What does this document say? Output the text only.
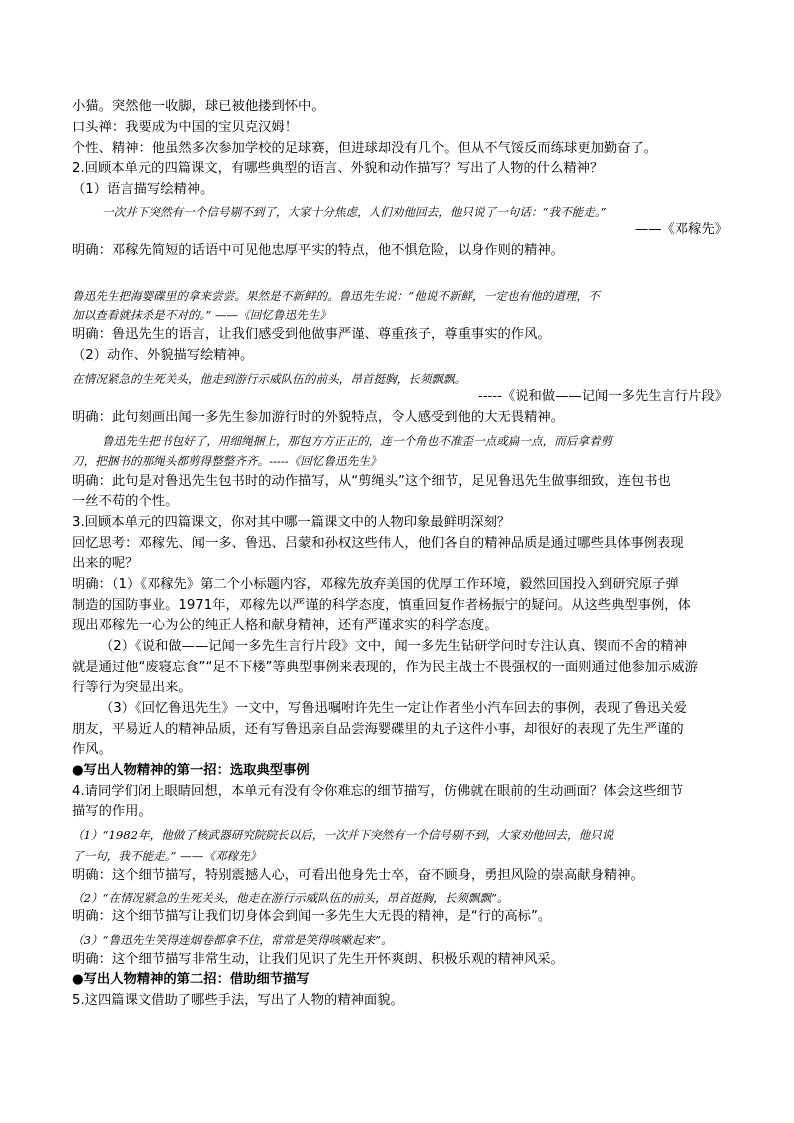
小猫。突然他一收脚，球已被他搂到怀中。
口头禅：我要成为中国的宝贝克汉姆！
个性、精神：他虽然多次参加学校的足球赛，但进球却没有几个。但从不气馁反而练球更加勤奋了。
2.回顾本单元的四篇课文，有哪些典型的语言、外貌和动作描写？写出了人物的什么精神？
（1）语言描写绘精神。
一次并下突然有一个信号剔不到了，大家十分焦虑，人们劝他回去，他只说了一句话：“我不能走。”
——《邓稼先》
明确：邓稼先简短的话语中可见他忠厚平实的特点，他不惧危险，以身作则的精神。
鲁迅先生把海婴碟里的拿来尝尝。果然是不新鲜的。鲁迅先生说：“他说不新鲜，一定也有他的道理，不
加以查看就抹杀是不对的。” ——《回忆鲁迅先生》
明确：鲁迅先生的语言，让我们感受到他做事严谨、尊重孩子，尊重事实的作风。
（2）动作、外貌描写绘精神。
在情况紧急的生死关头，他走到游行示威队伍的前头，昂首挺胸，长须飘飘。
-----《说和做——记闻一多先生言行片段》
明确：此句刻画出闻一多先生参加游行时的外貌特点，令人感受到他的大无畏精神。
鲁迅先生把书包好了，用细绳捆上，那包方方正正的，连一个角也不准歪一点或扁一点，而后拿着剪
刀，把捆书的那绳头都剪得整整齐齐。-----《回忆鲁迅先生》
明确：此句是对鲁迅先生包书时的动作描写，从“剪绳头”这个细节，足见鲁迅先生做事细致，连包书也
一丝不苟的个性。
3.回顾本单元的四篇课文，你对其中哪一篇课文中的人物印象最鲜明深刻？
回忆思考：邓稼先、闻一多、鲁迅、吕蒙和孙权这些伟人，他们各自的精神品质是通过哪些具体事例表现
出来的呢？
明确：（1）《邓稼先》第二个小标题内容，邓稼先放弃美国的优厚工作环境，毅然回国投入到研究原子弹
制造的国防事业。1971年，邓稼先以严谨的科学态度，慎重回复作者杨振宁的疑问。从这些典型事例，体
现出邓稼先一心为公的纯正人格和献身精神，还有严谨求实的科学态度。
（2）《说和做——记闻一多先生言行片段》文中，闻一多先生钻研学问时专注认真、锲而不舍的精神
就是通过他“废寝忘食”“足不下楼”等典型事例来表现的，作为民主战士不畏强权的一面则通过他参加示威游
行等行为突显出来。
（3）《回忆鲁迅先生》一文中，写鲁迅嘱咐许先生一定让作者坐小汽车回去的事例，表现了鲁迅关爱
朋友，平易近人的精神品质，还有写鲁迅亲自品尝海婴碟里的丸子这件小事，却很好的表现了先生严谨的
作风。
●写出人物精神的第一招：选取典型事例
4.请同学们闭上眼睛回想，本单元有没有令你难忘的细节描写，仿佛就在眼前的生动画面？体会这些细节
描写的作用。
（1）“1982年，他做了核武器研究院院长以后，一次并下突然有一个信号剔不到，大家劝他回去，他只说
了一句，我不能走。” ——《邓稼先》
明确：这个细节描写，特别震撼人心，可看出他身先士卒，奋不顾身，勇担风险的崇高献身精神。
（2）“在情况紧急的生死关头，他走在游行示威队伍的前头，昂首挺胸，长须飘飘”。
明确：这个细节描写让我们切身体会到闻一多先生大无畏的精神，是“行的高标”。
（3）“鲁迅先生笑得连烟卷都拿不住，常常是笑得咳嗽起来”。
明确：这个细节描写非常生动，让我们见识了先生开怀爽朗、积极乐观的精神风采。
●写出人物精神的第二招：借助细节描写
5.这四篇课文借助了哪些手法，写出了人物的精神面貌。
